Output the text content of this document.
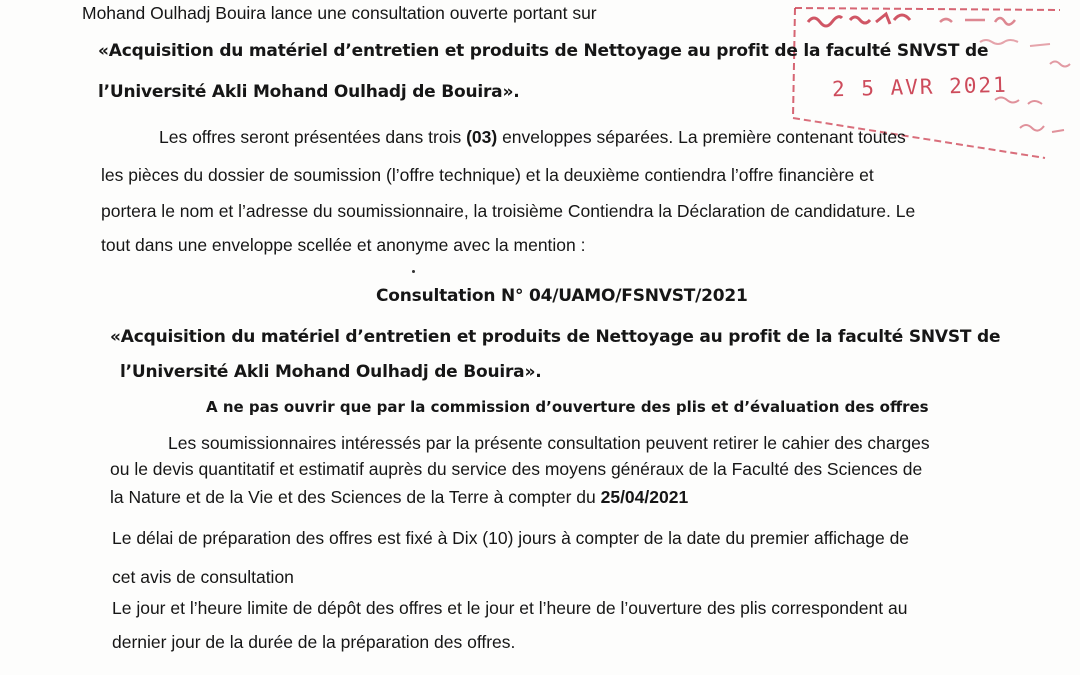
2 5 AVR 2021
Mohand Oulhadj Bouira lance une consultation ouverte portant sur
«Acquisition du matériel d’entretien et produits de Nettoyage au profit de la faculté SNVST de
l’Université Akli Mohand Oulhadj de Bouira».
Les offres seront présentées dans trois (03) enveloppes séparées. La première contenant toutes
les pièces du dossier de soumission (l’offre technique) et la deuxième contiendra l’offre financière et
portera le nom et l’adresse du soumissionnaire, la troisième Contiendra la Déclaration de candidature. Le
tout dans une enveloppe scellée et anonyme avec la mention :
Consultation N° 04/UAMO/FSNVST/2021
«Acquisition du matériel d’entretien et produits de Nettoyage au profit de la faculté SNVST de
l’Université Akli Mohand Oulhadj de Bouira».
A ne pas ouvrir que par la commission d’ouverture des plis et d’évaluation des offres
Les soumissionnaires intéressés par la présente consultation peuvent retirer le cahier des charges
ou le devis quantitatif et estimatif auprès du service des moyens généraux de la Faculté des Sciences de
la Nature et de la Vie et des Sciences de la Terre à compter du 25/04/2021
Le délai de préparation des offres est fixé à Dix (10) jours à compter de la date du premier affichage de
cet avis de consultation
Le jour et l’heure limite de dépôt des offres et le jour et l’heure de l’ouverture des plis correspondent au
dernier jour de la durée de la préparation des offres.
